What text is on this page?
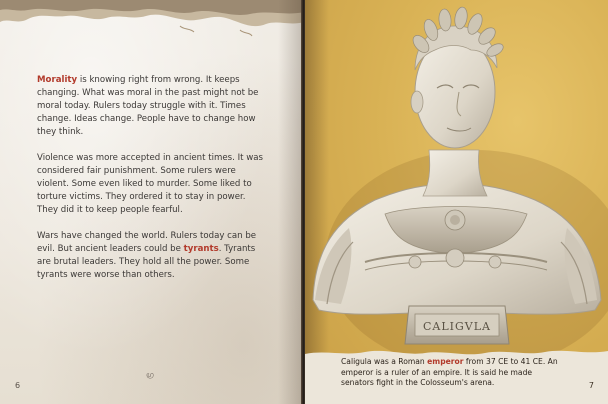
Morality is knowing right from wrong. It keeps changing. What was moral in the past might not be moral today. Rulers today struggle with it. Times change. Ideas change. People have to change how they think.

Violence was more accepted in ancient times. It was considered fair punishment. Some rulers were violent. Some even liked to murder. Some liked to torture victims. They ordered it to stay in power. They did it to keep people fearful.

Wars have changed the world. Rulers today can be evil. But ancient leaders could be tyrants. Tyrants are brutal leaders. They hold all the power. Some tyrants were worse than others.

ഗ്ര
6
CALIGVLA
Caligula was a Roman emperor from 37 CE to 41 CE. An emperor is a ruler of an empire. It is said he made senators fight in the Colosseum's arena.	7
